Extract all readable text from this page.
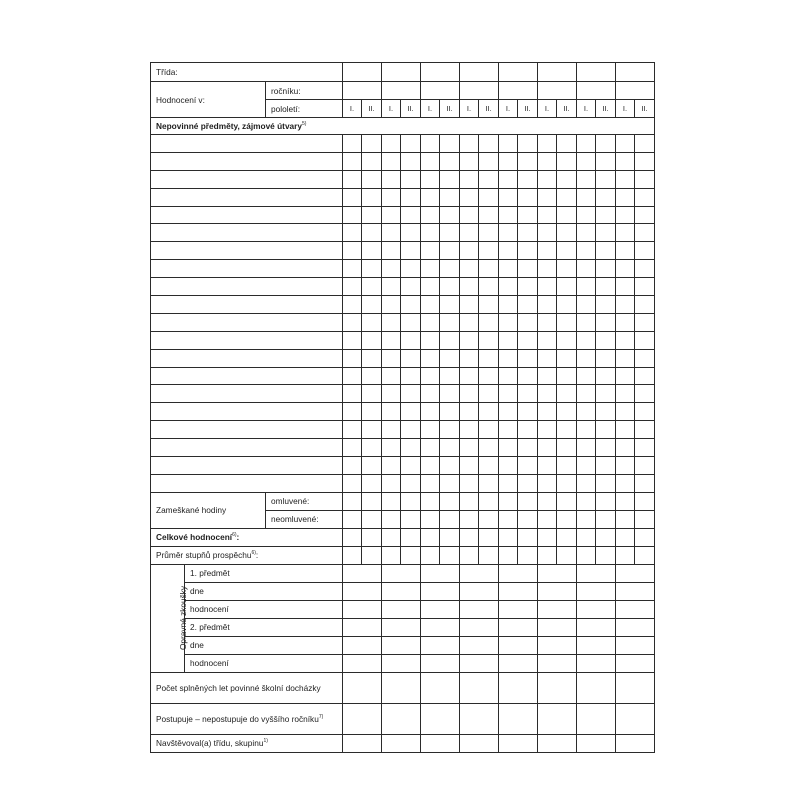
Třída:																		
Hodnocení v:		ročníku:																
		pololetí:	I.	II.	I.	II.	I.	II.	I.	II.	I.	II.	I.	II.	I.	II.	I.	II.
Nepovinné předměty, zájmové útvary$^{5)}$

Zameškané hodiny		omluvené:																
		neomluvené:																
Celkové hodnocení$^{6)}$:																		
Průměr stupňů prospěchu$^{6)}$:																		
Opravné zkoušky	1. předmět																	
	dne																	
	hodnocení																	
	2. předmět																	
	dne																	
	hodnocení																	
Počet splněných let povinné školní docházky																		
Postupuje – nepostupuje do vyššího ročníku$^{7)}$								
Navštěvoval(a) třídu, skupinu$^{1)}$								
